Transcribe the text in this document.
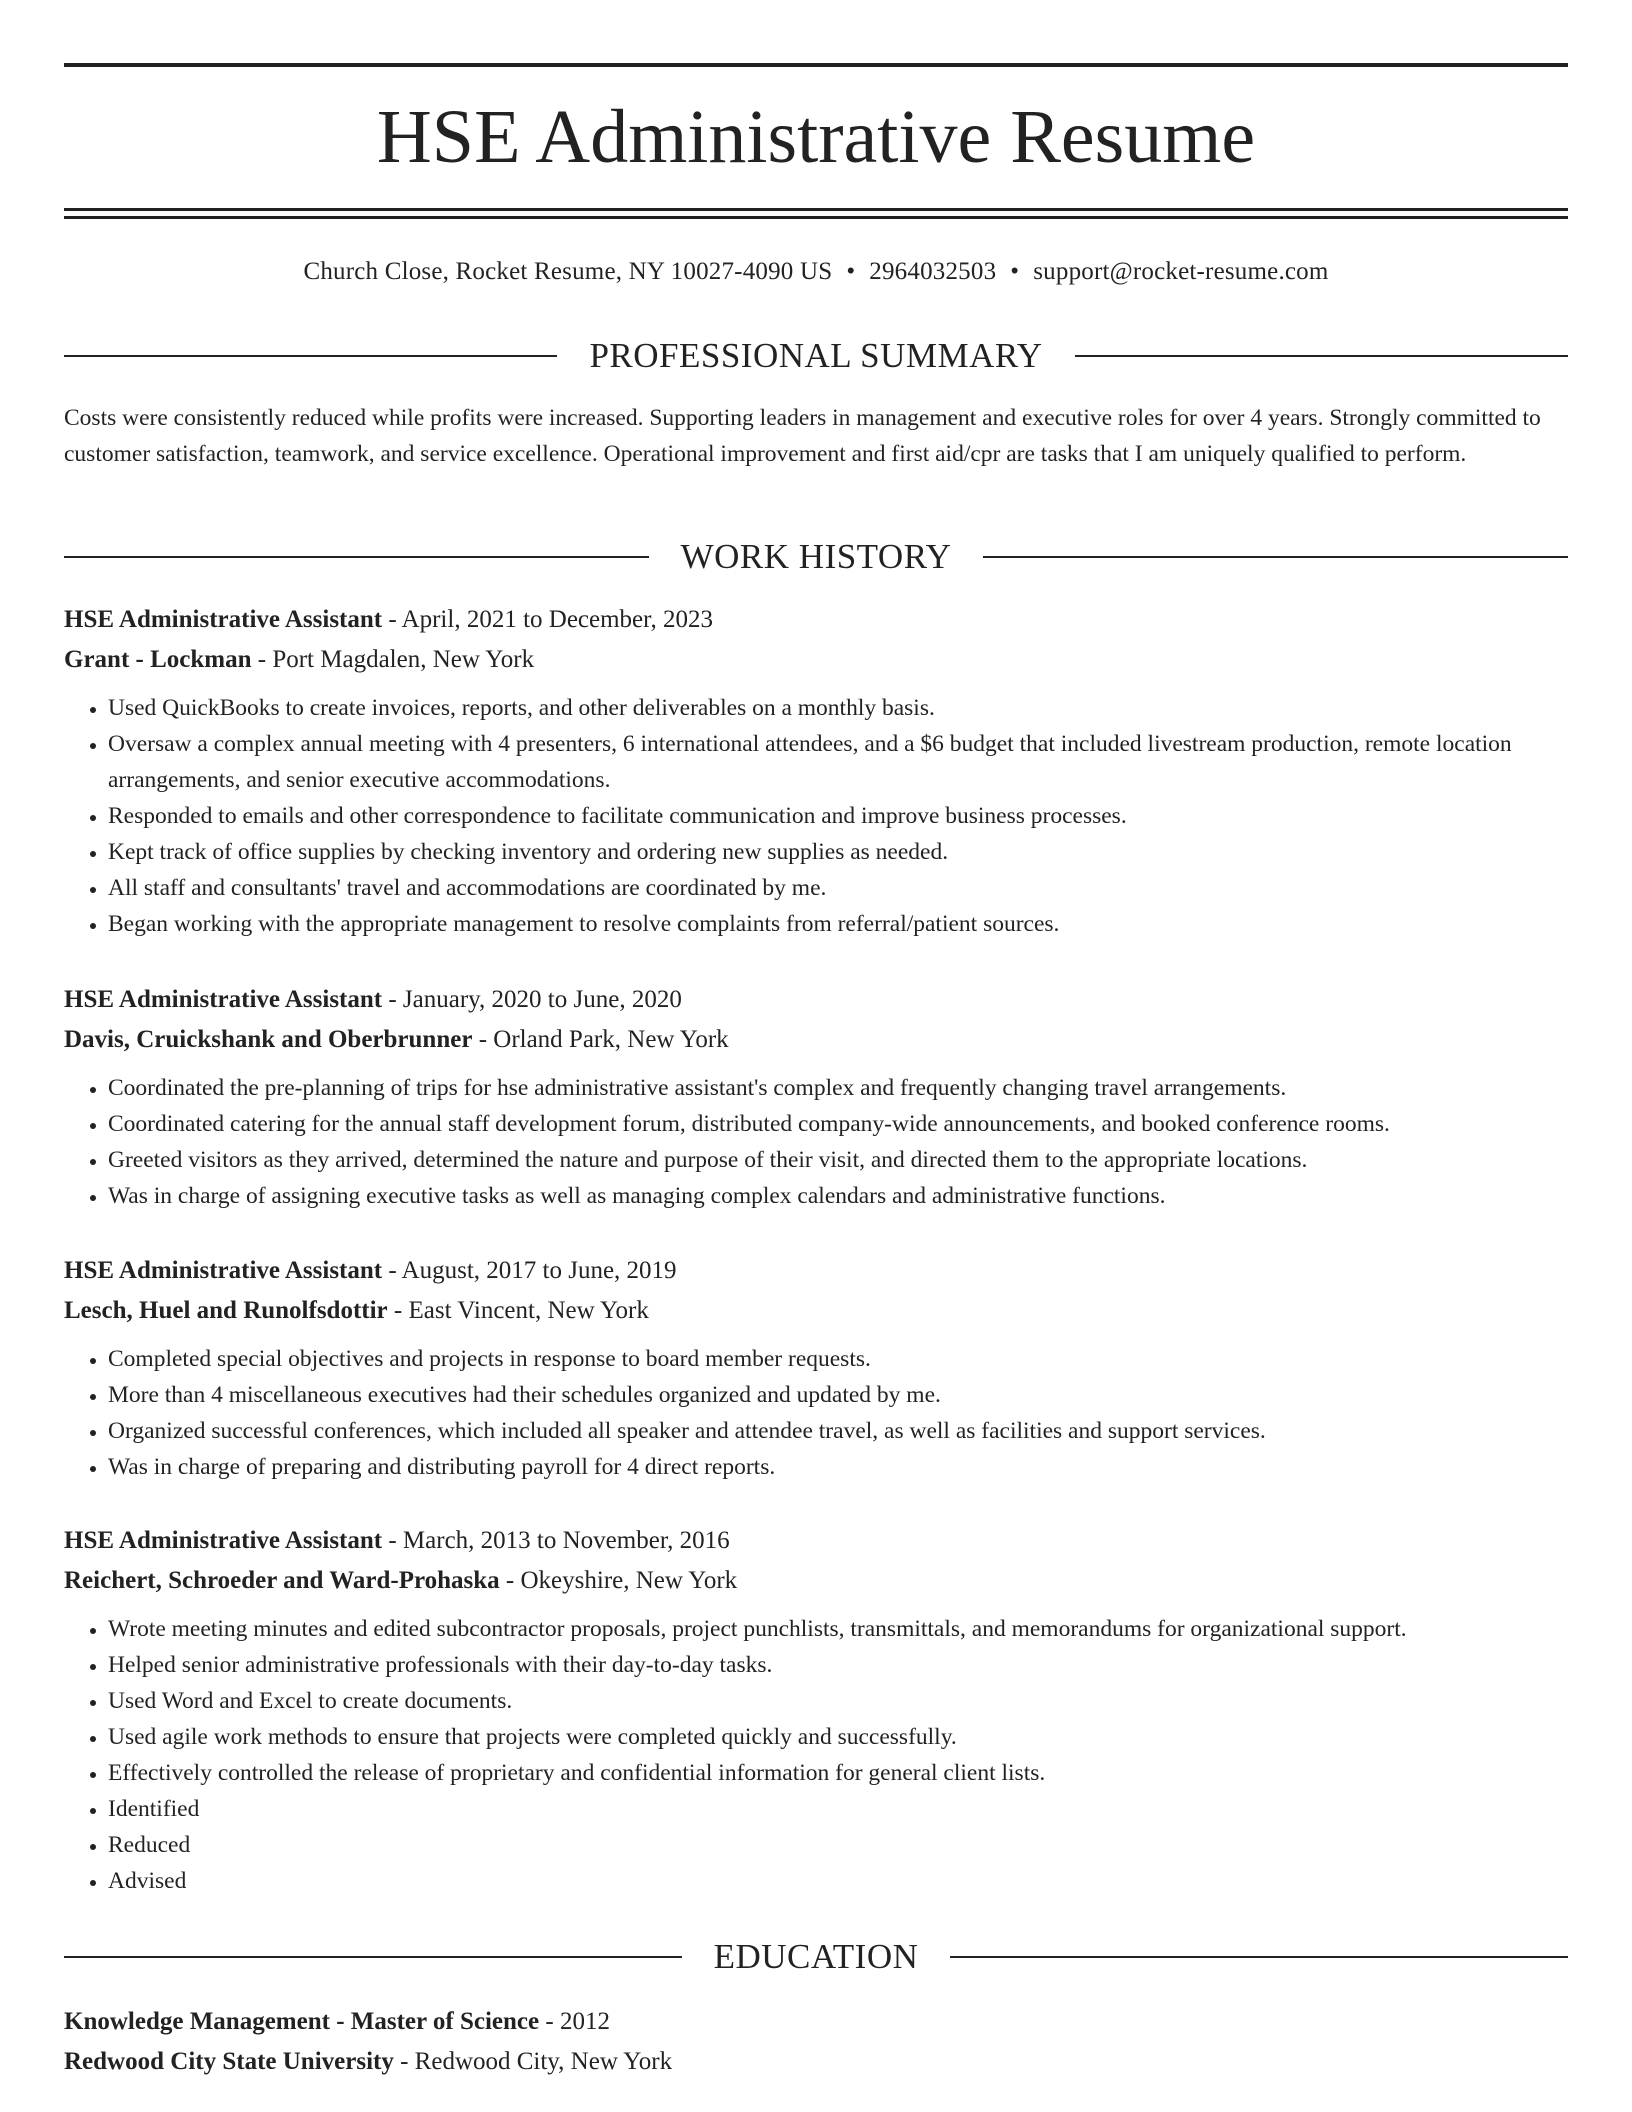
HSE Administrative Resume
Church Close, Rocket Resume, NY 10027-4090 US • 2964032503 • support@rocket-resume.com
PROFESSIONAL SUMMARY
Costs were consistently reduced while profits were increased. Supporting leaders in management and executive roles for over 4 years. Strongly committed to customer satisfaction, teamwork, and service excellence. Operational improvement and first aid/cpr are tasks that I am uniquely qualified to perform.
WORK HISTORY
HSE Administrative Assistant - April, 2021 to December, 2023
Grant - Lockman - Port Magdalen, New York
• Used QuickBooks to create invoices, reports, and other deliverables on a monthly basis.
• Oversaw a complex annual meeting with 4 presenters, 6 international attendees, and a $6 budget that included livestream production, remote location arrangements, and senior executive accommodations.
• Responded to emails and other correspondence to facilitate communication and improve business processes.
• Kept track of office supplies by checking inventory and ordering new supplies as needed.
• All staff and consultants' travel and accommodations are coordinated by me.
• Began working with the appropriate management to resolve complaints from referral/patient sources.
HSE Administrative Assistant - January, 2020 to June, 2020
Davis, Cruickshank and Oberbrunner - Orland Park, New York
• Coordinated the pre-planning of trips for hse administrative assistant's complex and frequently changing travel arrangements.
• Coordinated catering for the annual staff development forum, distributed company-wide announcements, and booked conference rooms.
• Greeted visitors as they arrived, determined the nature and purpose of their visit, and directed them to the appropriate locations.
• Was in charge of assigning executive tasks as well as managing complex calendars and administrative functions.
HSE Administrative Assistant - August, 2017 to June, 2019
Lesch, Huel and Runolfsdottir - East Vincent, New York
• Completed special objectives and projects in response to board member requests.
• More than 4 miscellaneous executives had their schedules organized and updated by me.
• Organized successful conferences, which included all speaker and attendee travel, as well as facilities and support services.
• Was in charge of preparing and distributing payroll for 4 direct reports.
HSE Administrative Assistant - March, 2013 to November, 2016
Reichert, Schroeder and Ward-Prohaska - Okeyshire, New York
• Wrote meeting minutes and edited subcontractor proposals, project punchlists, transmittals, and memorandums for organizational support.
• Helped senior administrative professionals with their day-to-day tasks.
• Used Word and Excel to create documents.
• Used agile work methods to ensure that projects were completed quickly and successfully.
• Effectively controlled the release of proprietary and confidential information for general client lists.
• Identified
• Reduced
• Advised
EDUCATION
Knowledge Management - Master of Science - 2012
Redwood City State University - Redwood City, New York
